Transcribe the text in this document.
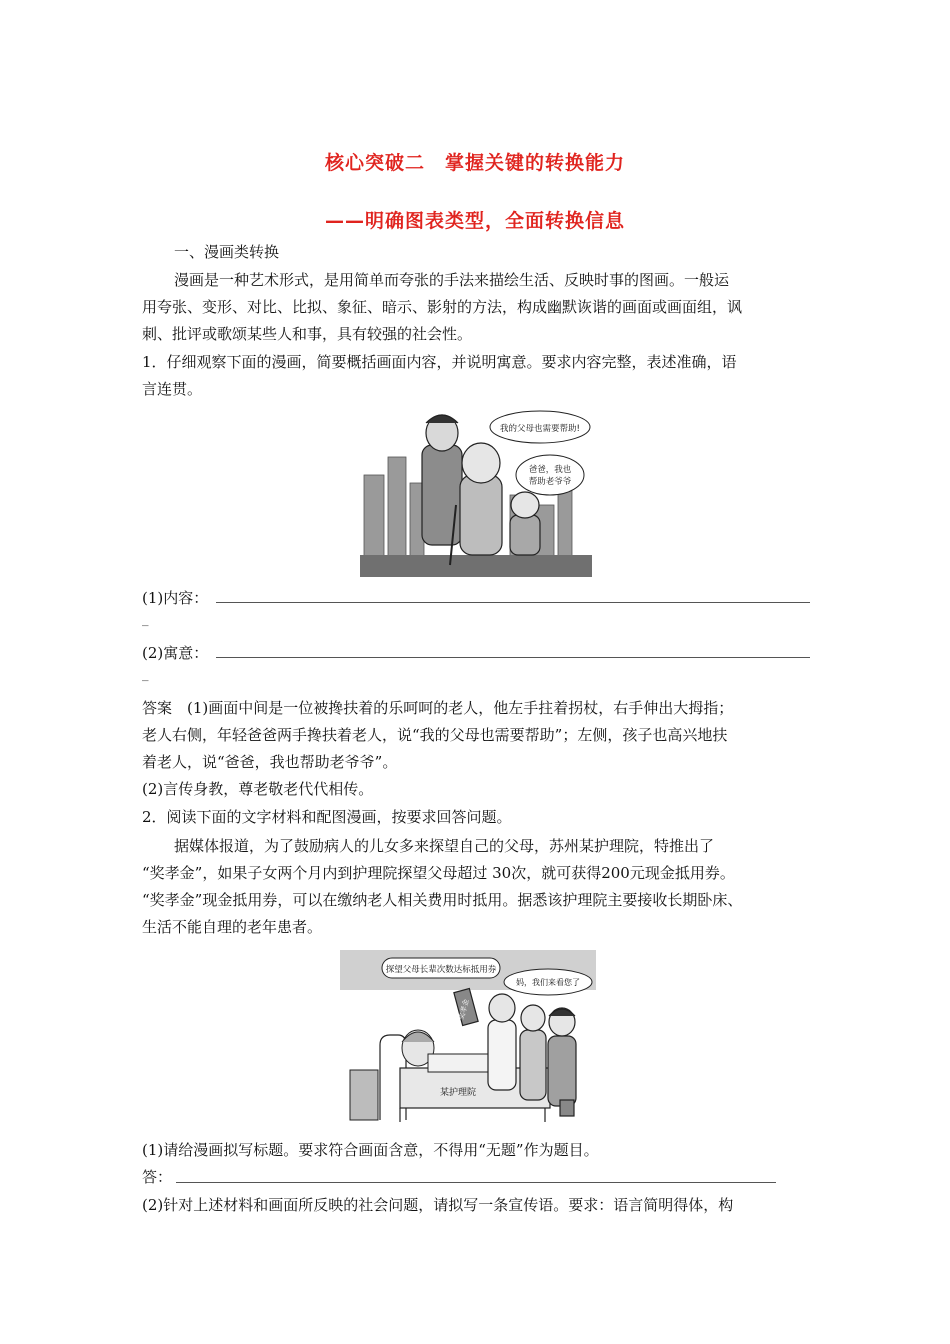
核心突破二　掌握关键的转换能力
——明确图表类型，全面转换信息
一、漫画类转换
漫画是一种艺术形式，是用简单而夸张的手法来描绘生活、反映时事的图画。一般运
用夸张、变形、对比、比拟、象征、暗示、影射的方法，构成幽默诙谐的画面或画面组，讽
刺、批评或歌颂某些人和事，具有较强的社会性。
1．仔细观察下面的漫画，简要概括画面内容，并说明寓意。要求内容完整，表述准确，语
言连贯。
我的父母也需要帮助!
爸爸，我也
帮助老爷爷
(1)内容：
_
(2)寓意：
_
答案　(1)画面中间是一位被搀扶着的乐呵呵的老人，他左手拄着拐杖，右手伸出大拇指；
老人右侧，年轻爸爸两手搀扶着老人，说“我的父母也需要帮助”；左侧，孩子也高兴地扶
着老人，说“爸爸，我也帮助老爷爷”。
(2)言传身教，尊老敬老代代相传。
2．阅读下面的文字材料和配图漫画，按要求回答问题。
据媒体报道，为了鼓励病人的儿女多来探望自己的父母，苏州某护理院，特推出了
“奖孝金”，如果子女两个月内到护理院探望父母超过 30次，就可获得200元现金抵用券。
“奖孝金”现金抵用券，可以在缴纳老人相关费用时抵用。据悉该护理院主要接收长期卧床、
生活不能自理的老年患者。
某护理院
奖孝金
探望父母长辈次数达标抵用券
妈，我们来看您了
(1)请给漫画拟写标题。要求符合画面含意，不得用“无题”作为题目。
答：
(2)针对上述材料和画面所反映的社会问题，请拟写一条宣传语。要求：语言简明得体，构
